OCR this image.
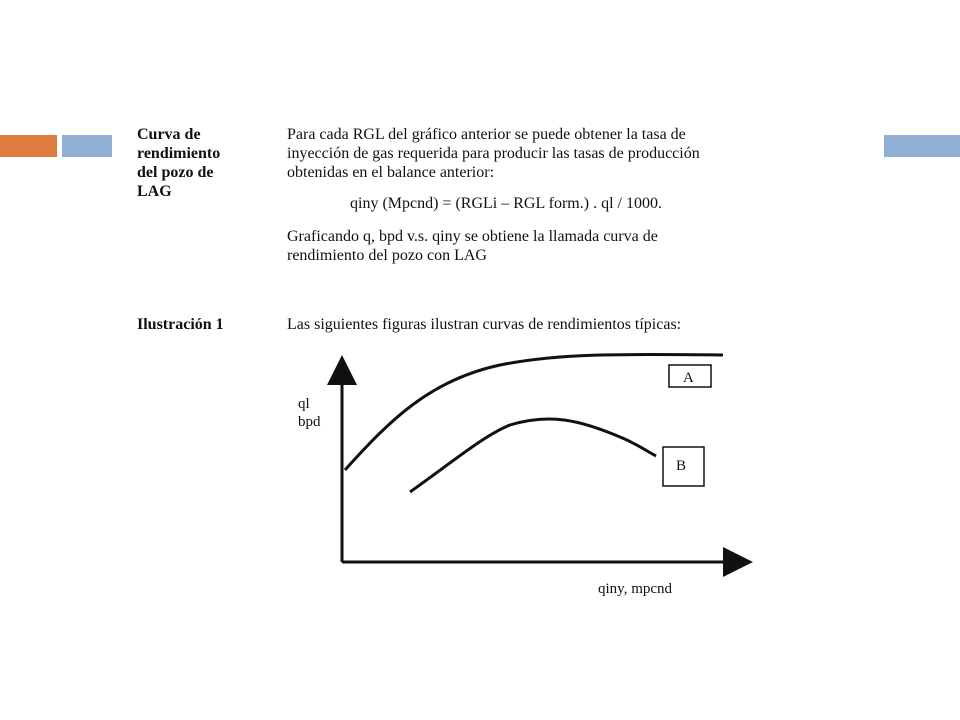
Curva de
rendimiento
del pozo de
LAG
Para cada RGL del gráfico anterior se puede obtener la tasa de
inyección de gas requerida para producir las tasas de producción
obtenidas en el balance anterior:
qiny (Mpcnd) = (RGLi – RGL form.) . ql / 1000.
Graficando q, bpd v.s. qiny se obtiene la llamada curva de
rendimiento del pozo con LAG
Ilustración 1	Las siguientes figuras ilustran curvas de rendimientos típicas:
ql
bpd
qiny, mpcnd
A
B
